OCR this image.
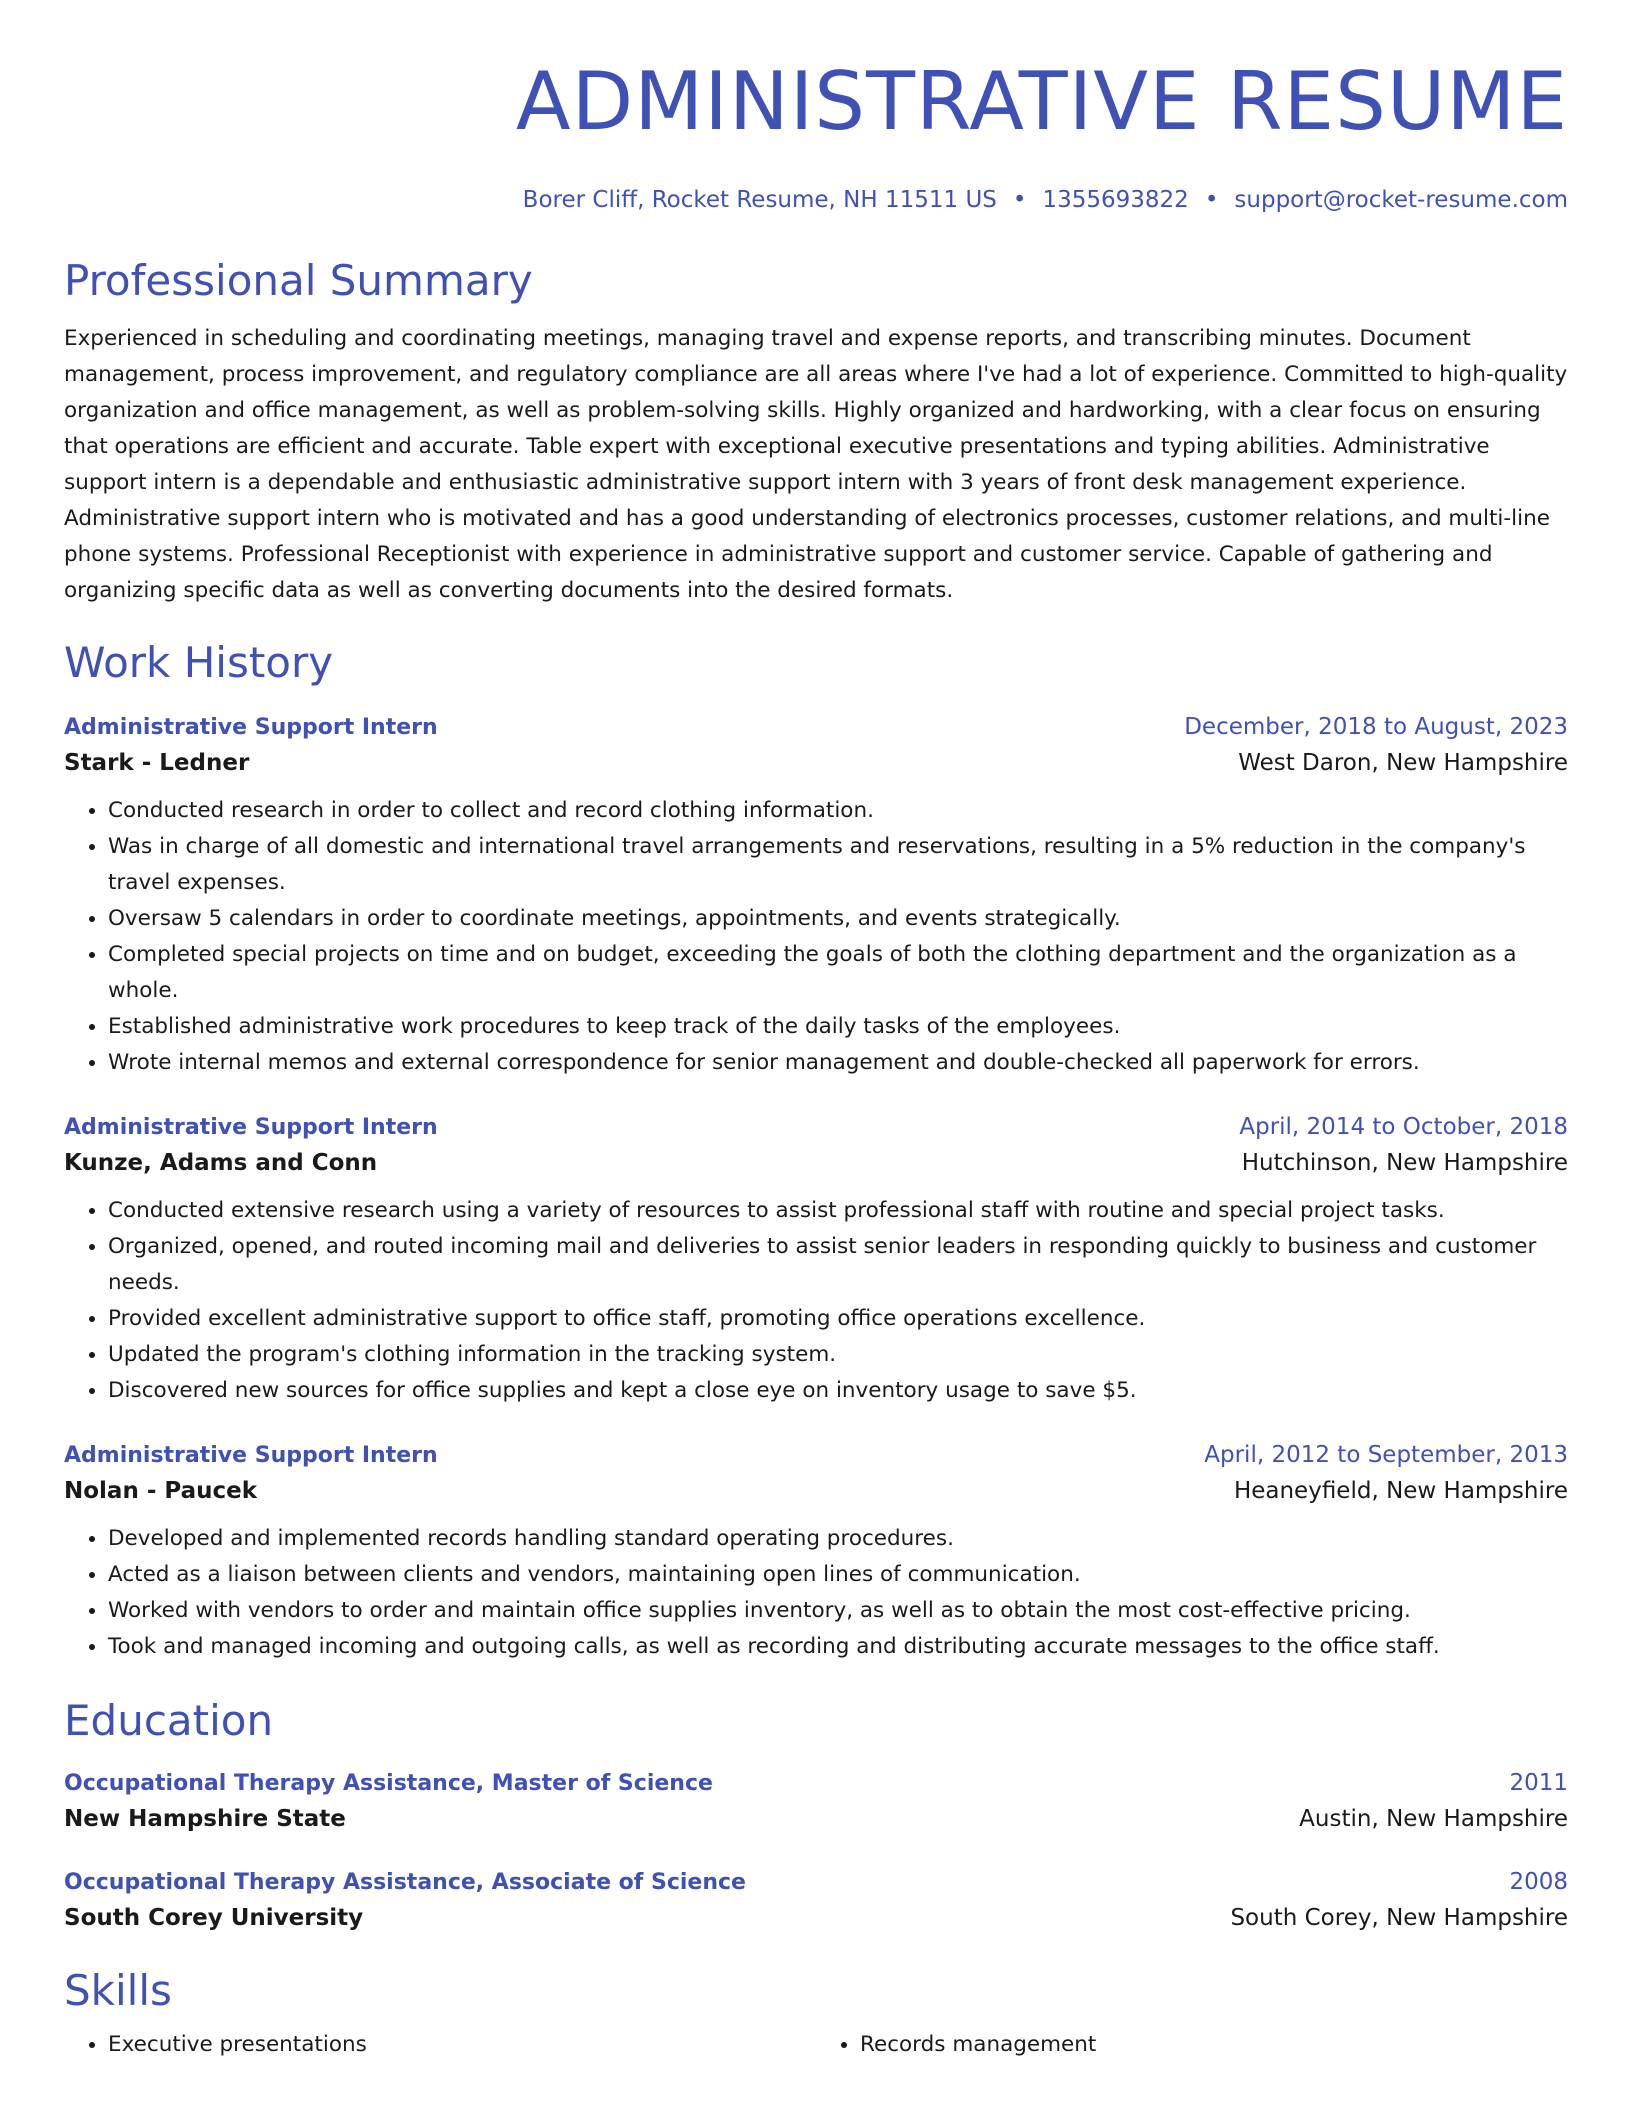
ADMINISTRATIVE RESUME
Borer Cliff, Rocket Resume, NH 11511 US • 1355693822 • support@rocket-resume.com
Professional Summary
Experienced in scheduling and coordinating meetings, managing travel and expense reports, and transcribing minutes. Document management, process improvement, and regulatory compliance are all areas where I've had a lot of experience. Committed to high-quality organization and office management, as well as problem-solving skills. Highly organized and hardworking, with a clear focus on ensuring that operations are efficient and accurate. Table expert with exceptional executive presentations and typing abilities. Administrative support intern is a dependable and enthusiastic administrative support intern with 3 years of front desk management experience. Administrative support intern who is motivated and has a good understanding of electronics processes, customer relations, and multi-line phone systems. Professional Receptionist with experience in administrative support and customer service. Capable of gathering and organizing specific data as well as converting documents into the desired formats.
Work History
Administrative Support Intern	December, 2018 to August, 2023
Stark - Ledner	West Daron, New Hampshire
• Conducted research in order to collect and record clothing information.
• Was in charge of all domestic and international travel arrangements and reservations, resulting in a 5% reduction in the company's travel expenses.
• Oversaw 5 calendars in order to coordinate meetings, appointments, and events strategically.
• Completed special projects on time and on budget, exceeding the goals of both the clothing department and the organization as a whole.
• Established administrative work procedures to keep track of the daily tasks of the employees.
• Wrote internal memos and external correspondence for senior management and double-checked all paperwork for errors.
Administrative Support Intern	April, 2014 to October, 2018
Kunze, Adams and Conn	Hutchinson, New Hampshire
• Conducted extensive research using a variety of resources to assist professional staff with routine and special project tasks.
• Organized, opened, and routed incoming mail and deliveries to assist senior leaders in responding quickly to business and customer needs.
• Provided excellent administrative support to office staff, promoting office operations excellence.
• Updated the program's clothing information in the tracking system.
• Discovered new sources for office supplies and kept a close eye on inventory usage to save $5.
Administrative Support Intern	April, 2012 to September, 2013
Nolan - Paucek	Heaneyfield, New Hampshire
• Developed and implemented records handling standard operating procedures.
• Acted as a liaison between clients and vendors, maintaining open lines of communication.
• Worked with vendors to order and maintain office supplies inventory, as well as to obtain the most cost-effective pricing.
• Took and managed incoming and outgoing calls, as well as recording and distributing accurate messages to the office staff.
Education
Occupational Therapy Assistance, Master of Science	2011
New Hampshire State	Austin, New Hampshire
Occupational Therapy Assistance, Associate of Science	2008
South Corey University	South Corey, New Hampshire
Skills
• Executive presentations
•	Records management
